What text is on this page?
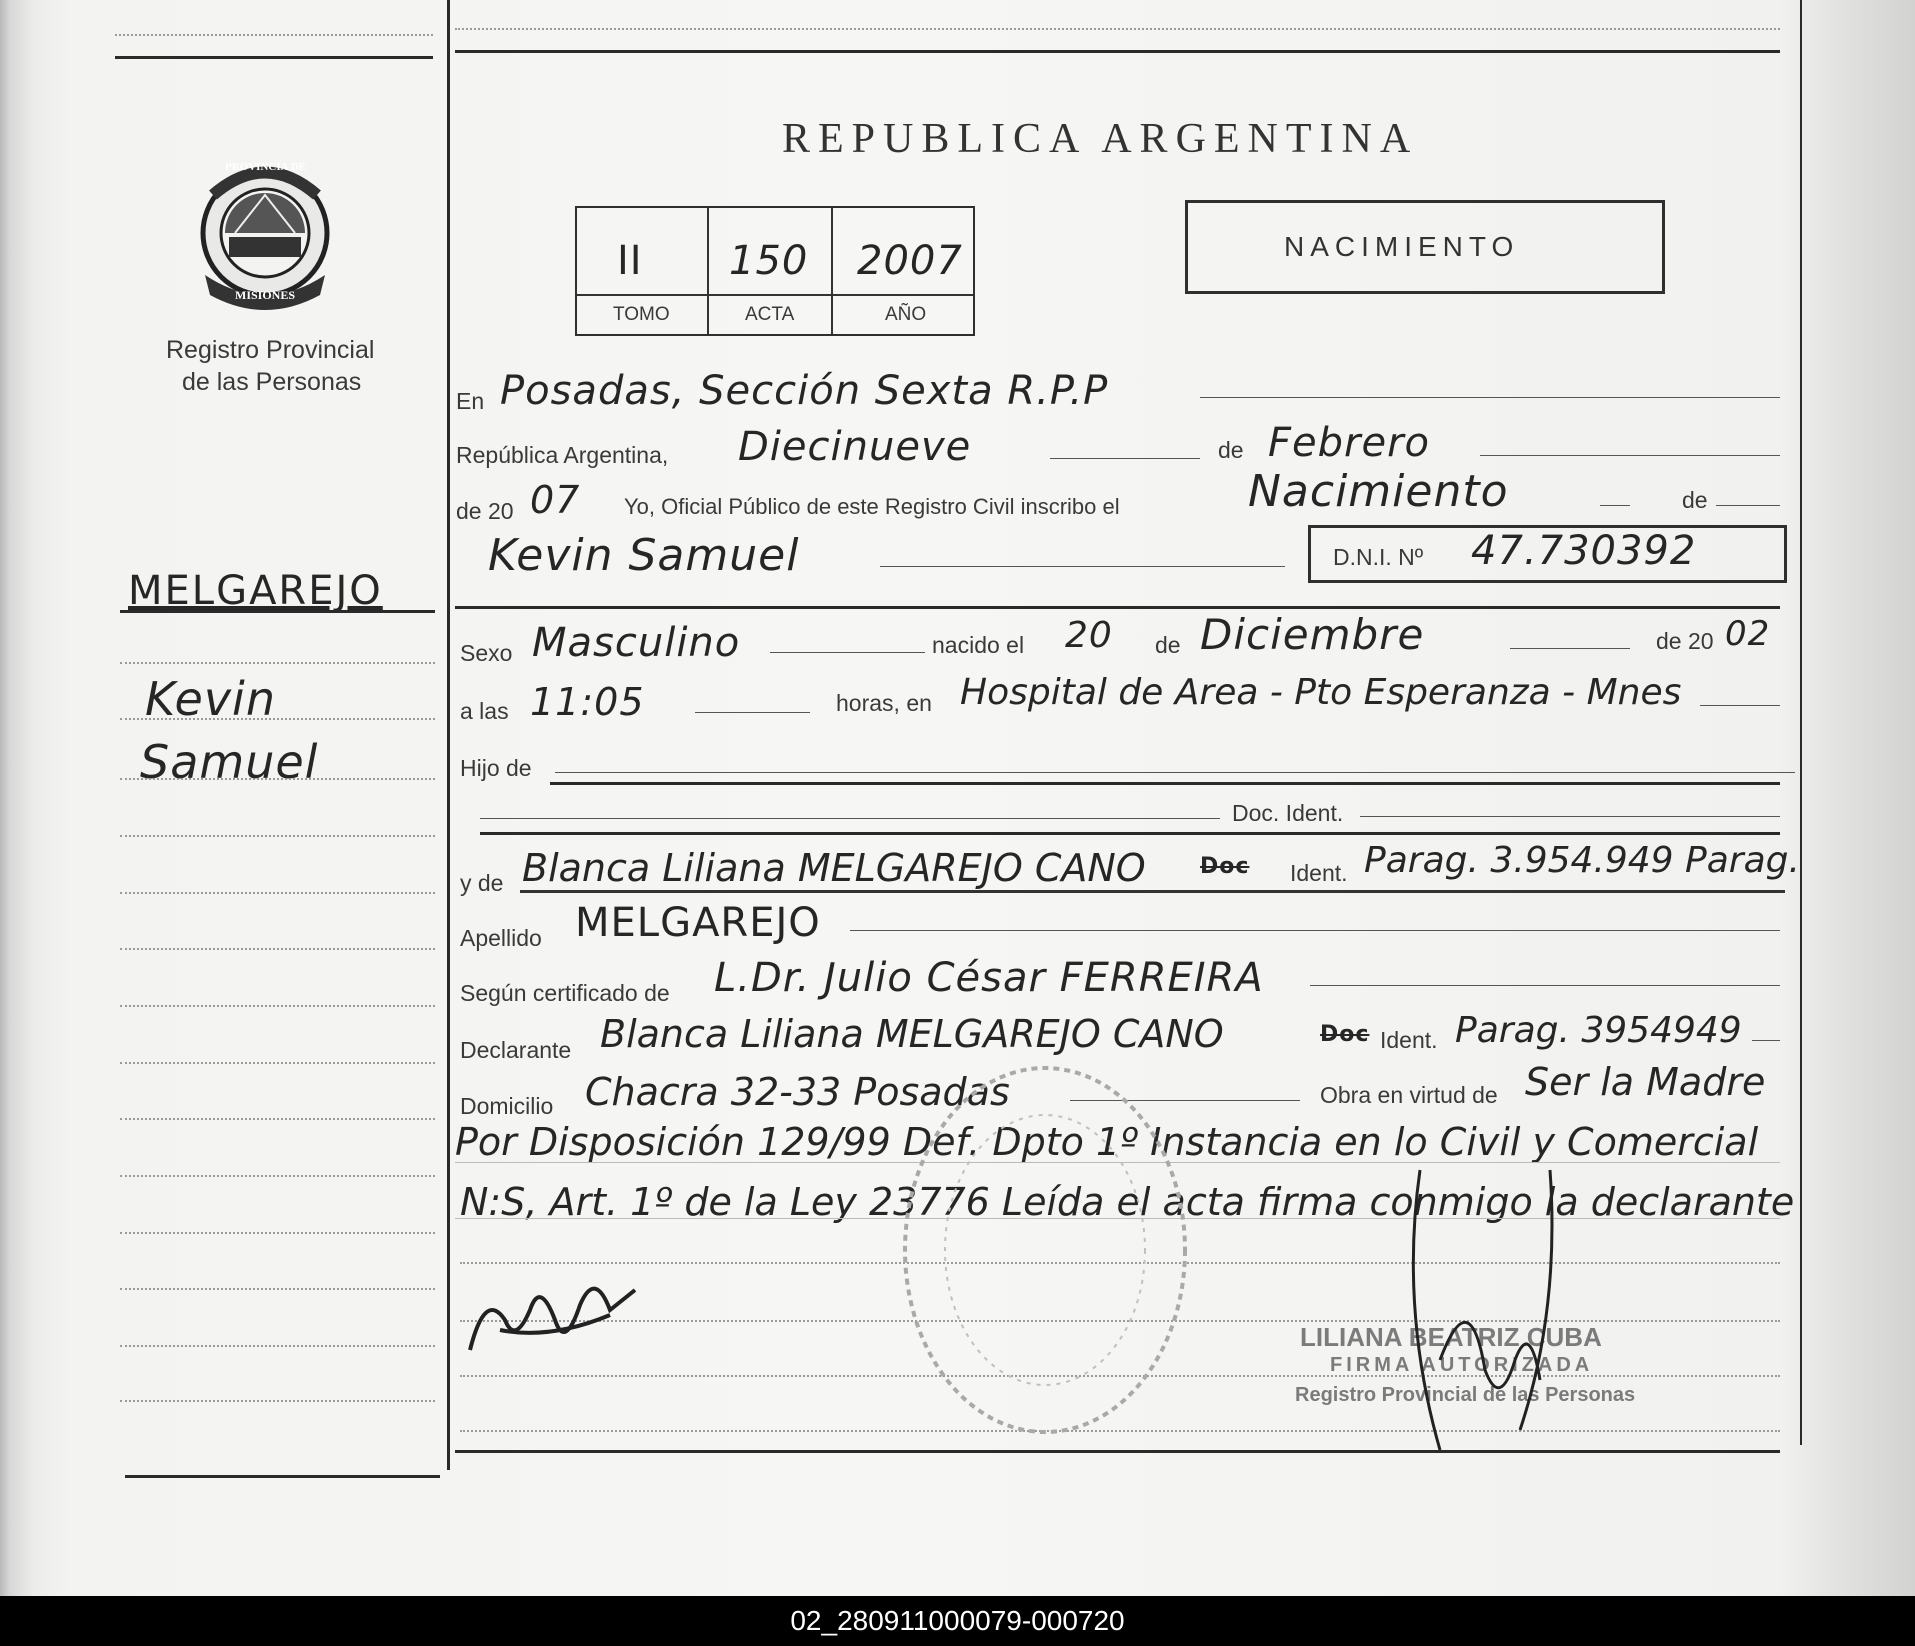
PROVINCIA DE
MISIONES
Registro Provincial
de las Personas
MELGAREJO
Kevin
Samuel
REPUBLICA ARGENTINA
II 150 2007
TOMO	ACTA	AÑO
NACIMIENTO
En Posadas, Sección Sexta R.P.P
República Argentina, Diecinueve	de Febrero
de 20 07 Yo, Oficial Público de este Registro Civil inscribo el	Nacimiento	de
Kevin Samuel	D.N.I. Nº 47.730392
Sexo Masculino	nacido el 20 de Diciembre	de 20 02
a las 11:05	horas, en Hospital de Area - Pto Esperanza - Mnes
Hijo de
Doc. Ident.
y de Blanca Liliana MELGAREJO CANO Doc Ident. Parag. 3.954.949 Parag.
Apellido MELGAREJO
Según certificado de L.Dr. Julio César FERREIRA
Declarante Blanca Liliana MELGAREJO CANO	Doc Ident. Parag. 3954949
Domicilio Chacra 32-33 Posadas	Obra en virtud de Ser la Madre
Por Disposición 129/99 Def. Dpto 1º Instancia en lo Civil y Comercial
N:S, Art. 1º de la Ley 23776 Leída el acta firma conmigo la declarante
LILIANA BEATRIZ CUBA
FIRMA AUTORIZADA
Registro Provincial de las Personas
02_280911000079-000720
